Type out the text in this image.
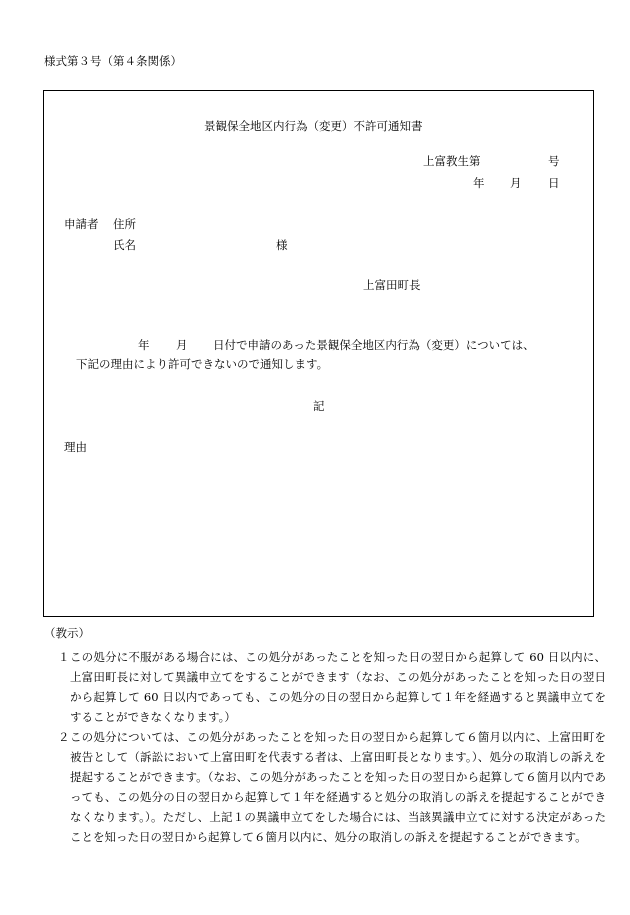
様式第３号（第４条関係）
景観保全地区内行為（変更）不許可通知書
上富教生第	号
年 月 日
申請者 住所
氏名	様
上富田町長
年 月 日付で申請のあった景観保全地区内行為（変更）については、
下記の理由により許可できないので通知します。
記
理由
（教示）
１ この処分に不服がある場合には、この処分があったことを知った日の翌日から起算して 60 日以内に、上富田町長に対して異議申立てをすることができます（なお、この処分があったことを知った日の翌日から起算して 60 日以内であっても、この処分の日の翌日から起算して１年を経過すると異議申立てをすることができなくなります。）
２ この処分については、この処分があったことを知った日の翌日から起算して６箇月以内に、上富田町を被告として（訴訟において上富田町を代表する者は、上富田町長となります。）、処分の取消しの訴えを提起することができます。（なお、この処分があったことを知った日の翌日から起算して６箇月以内であっても、この処分の日の翌日から起算して１年を経過すると処分の取消しの訴えを提起することができなくなります。）。ただし、上記１の異議申立てをした場合には、当該異議申立てに対する決定があったことを知った日の翌日から起算して６箇月以内に、処分の取消しの訴えを提起することができます。
